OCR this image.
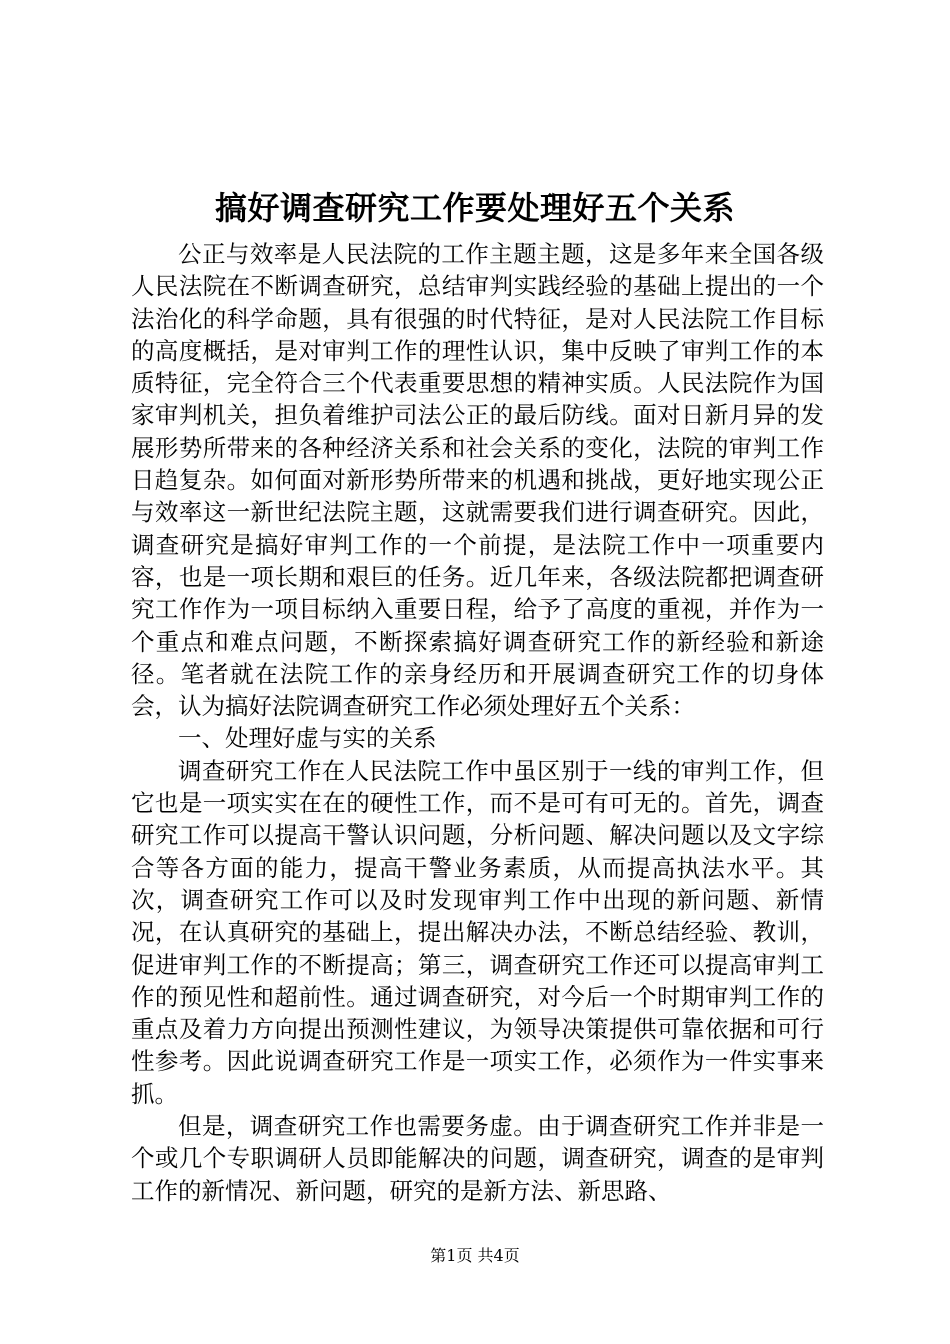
搞好调查研究工作要处理好五个关系

公正与效率是人民法院的工作主题主题，这是多年来全国各级人民法院在不断调查研究，总结审判实践经验的基础上提出的一个法治化的科学命题，具有很强的时代特征，是对人民法院工作目标的高度概括，是对审判工作的理性认识，集中反映了审判工作的本质特征，完全符合三个代表重要思想的精神实质。人民法院作为国家审判机关，担负着维护司法公正的最后防线。面对日新月异的发展形势所带来的各种经济关系和社会关系的变化，法院的审判工作日趋复杂。如何面对新形势所带来的机遇和挑战，更好地实现公正与效率这一新世纪法院主题，这就需要我们进行调查研究。因此，调查研究是搞好审判工作的一个前提，是法院工作中一项重要内容，也是一项长期和艰巨的任务。近几年来，各级法院都把调查研究工作作为一项目标纳入重要日程，给予了高度的重视，并作为一个重点和难点问题，不断探索搞好调查研究工作的新经验和新途径。笔者就在法院工作的亲身经历和开展调查研究工作的切身体会，认为搞好法院调查研究工作必须处理好五个关系：

一、处理好虚与实的关系

调查研究工作在人民法院工作中虽区别于一线的审判工作，但它也是一项实实在在的硬性工作，而不是可有可无的。首先，调查研究工作可以提高干警认识问题，分析问题、解决问题以及文字综合等各方面的能力，提高干警业务素质，从而提高执法水平。其次，调查研究工作可以及时发现审判工作中出现的新问题、新情况，在认真研究的基础上，提出解决办法，不断总结经验、教训，促进审判工作的不断提高；第三，调查研究工作还可以提高审判工作的预见性和超前性。通过调查研究，对今后一个时期审判工作的重点及着力方向提出预测性建议，为领导决策提供可靠依据和可行性参考。因此说调查研究工作是一项实工作，必须作为一件实事来抓。

但是，调查研究工作也需要务虚。由于调查研究工作并非是一个或几个专职调研人员即能解决的问题，调查研究，调查的是审判工作的新情况、新问题，研究的是新方法、新思路、

第1页 共4页
